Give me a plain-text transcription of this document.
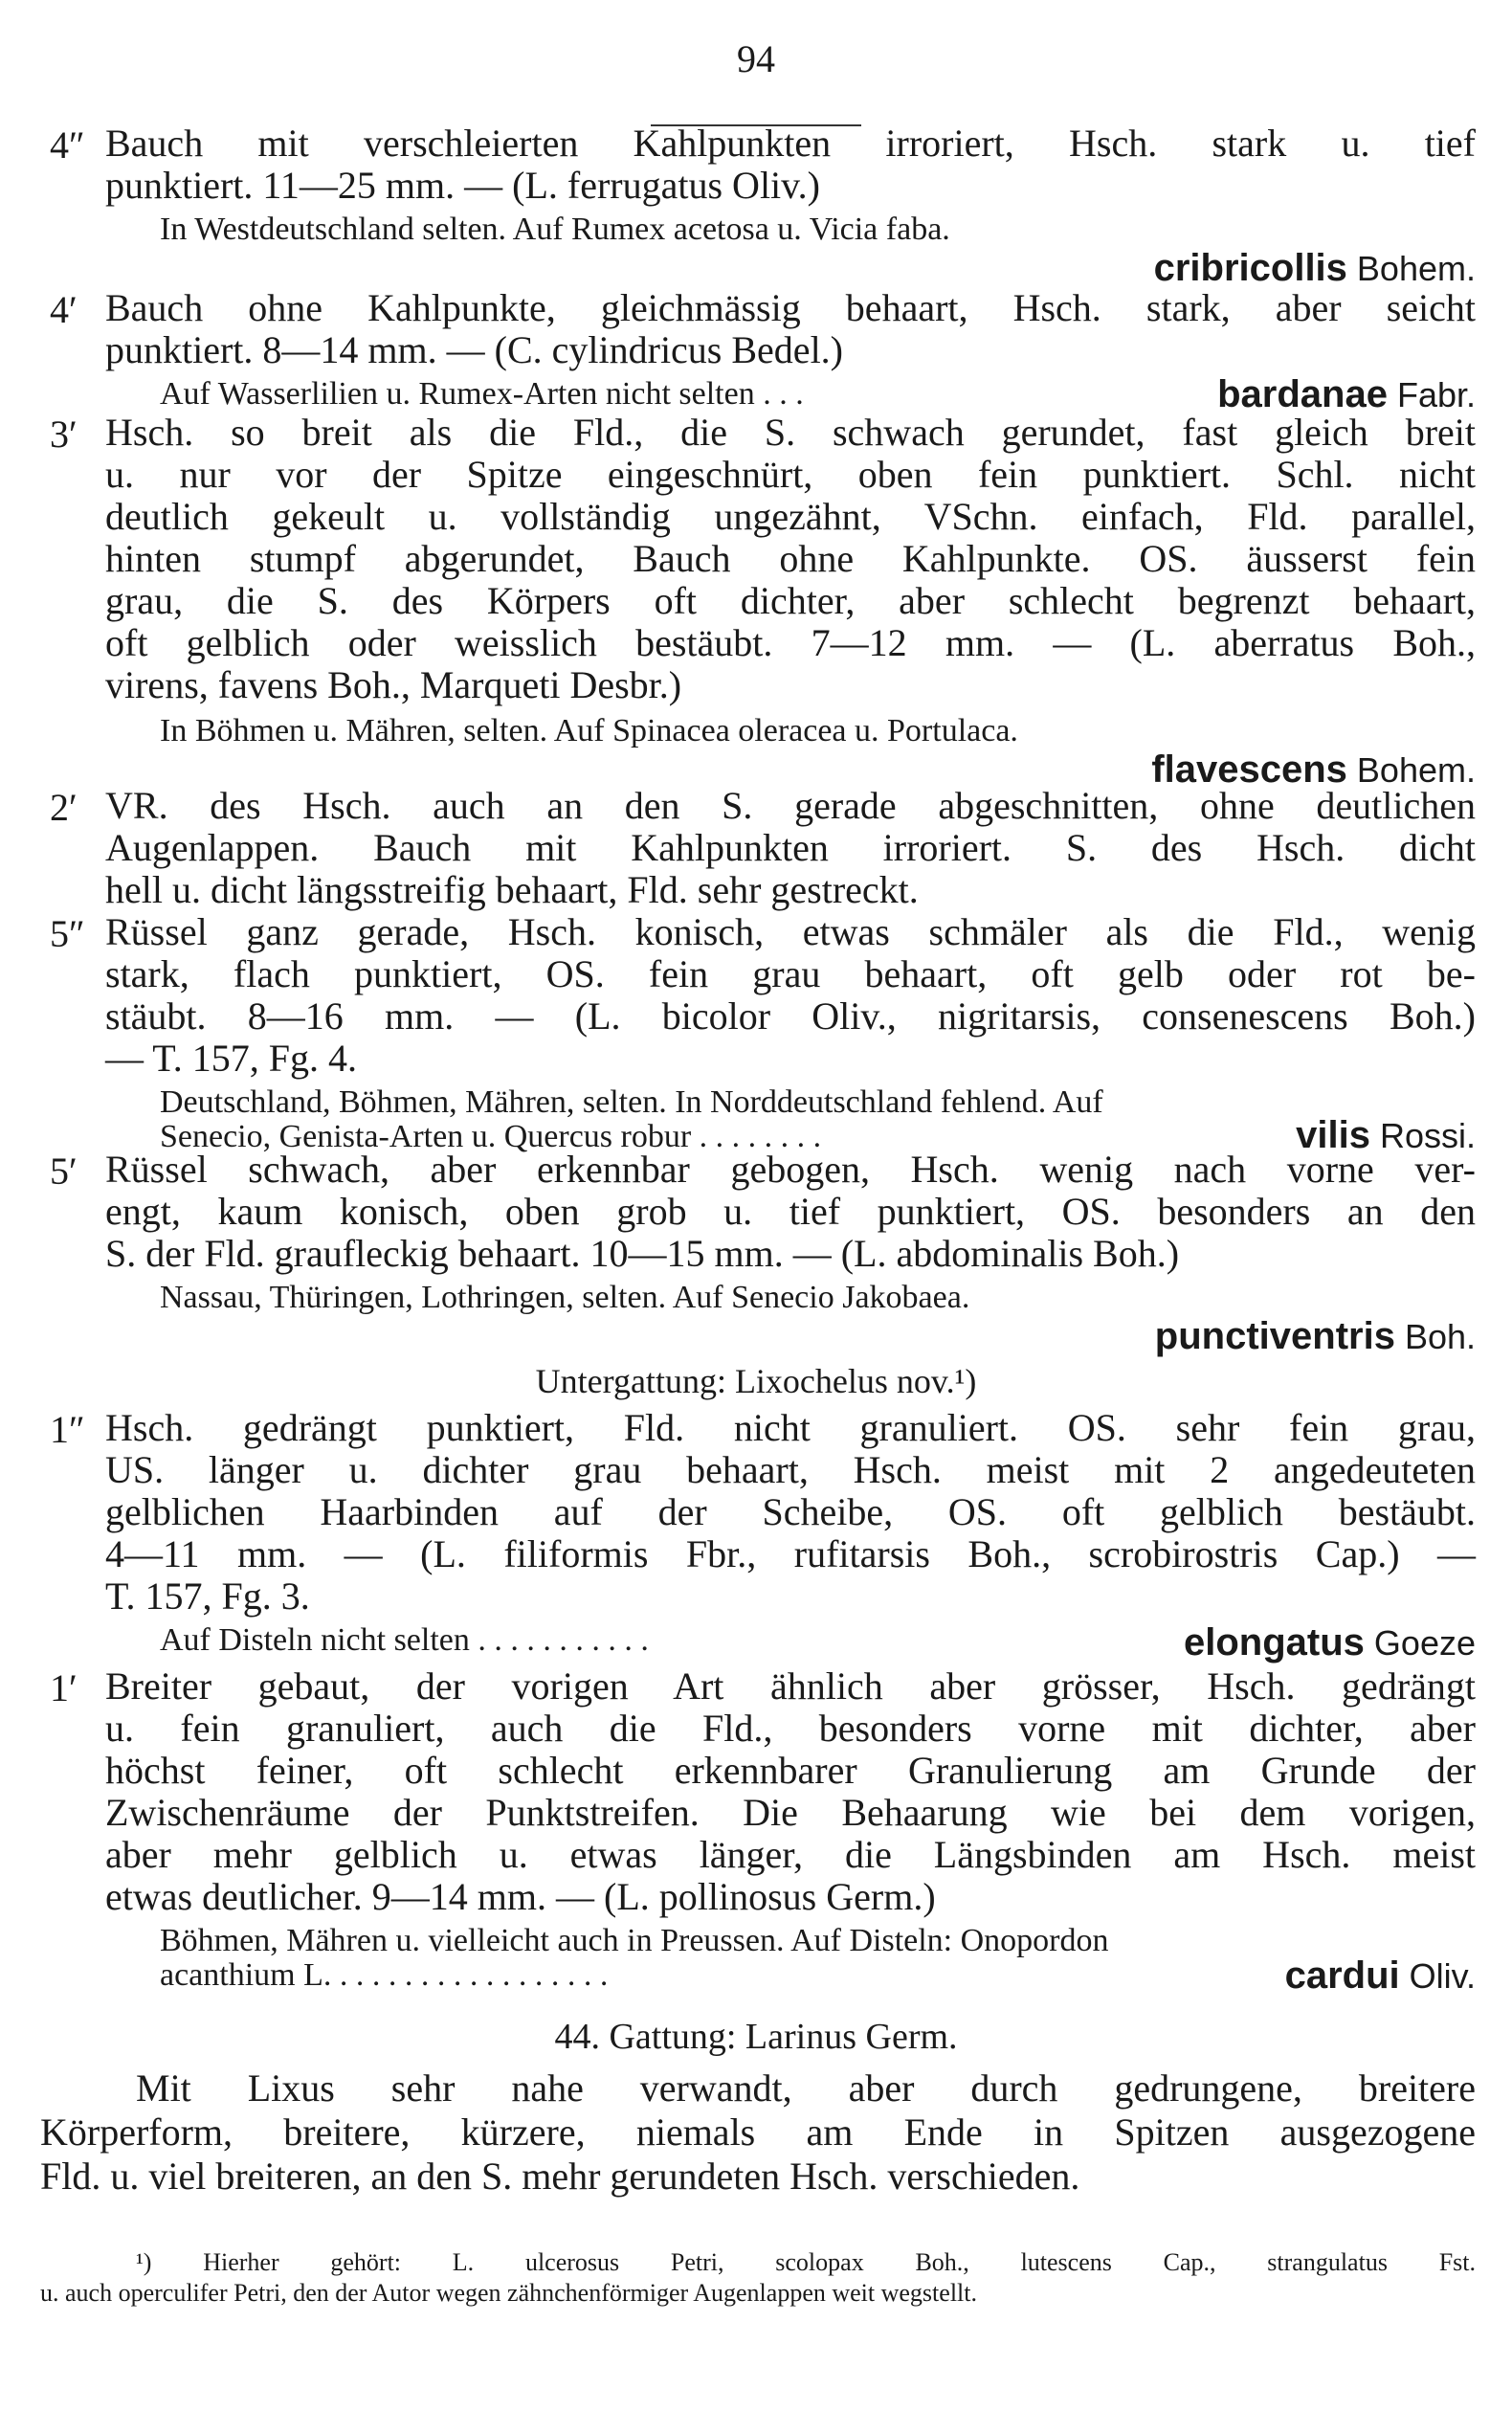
94
4″ Bauch mit verschleierten Kahlpunkten irroriert, Hsch. stark u. tief
punktiert. 11—25 mm. — (L. ferrugatus Oliv.)
In Westdeutschland selten. Auf Rumex acetosa u. Vicia faba.
cribricollis Bohem.
4′ Bauch ohne Kahlpunkte, gleichmässig behaart, Hsch. stark, aber seicht
punktiert. 8—14 mm. — (C. cylindricus Bedel.)
Auf Wasserlilien u. Rumex-Arten nicht selten . . .	bardanae Fabr.
3′ Hsch. so breit als die Fld., die S. schwach gerundet, fast gleich breit
u. nur vor der Spitze eingeschnürt, oben fein punktiert. Schl. nicht
deutlich gekeult u. vollständig ungezähnt, VSchn. einfach, Fld. parallel,
hinten stumpf abgerundet, Bauch ohne Kahlpunkte. OS. äusserst fein
grau, die S. des Körpers oft dichter, aber schlecht begrenzt behaart,
oft gelblich oder weisslich bestäubt. 7—12 mm. — (L. aberratus Boh.,
virens, favens Boh., Marqueti Desbr.)
In Böhmen u. Mähren, selten. Auf Spinacea oleracea u. Portulaca.
flavescens Bohem.
2′ VR. des Hsch. auch an den S. gerade abgeschnitten, ohne deutlichen
Augenlappen. Bauch mit Kahlpunkten irroriert. S. des Hsch. dicht
hell u. dicht längsstreifig behaart, Fld. sehr gestreckt.
5″ Rüssel ganz gerade, Hsch. konisch, etwas schmäler als die Fld., wenig
stark, flach punktiert, OS. fein grau behaart, oft gelb oder rot be-
stäubt. 8—16 mm. — (L. bicolor Oliv., nigritarsis, consenescens Boh.)
— T. 157, Fg. 4.
Deutschland, Böhmen, Mähren, selten. In Norddeutschland fehlend. Auf
Senecio, Genista-Arten u. Quercus robur . . . . . . . .	vilis Rossi.
5′ Rüssel schwach, aber erkennbar gebogen, Hsch. wenig nach vorne ver-
engt, kaum konisch, oben grob u. tief punktiert, OS. besonders an den
S. der Fld. graufleckig behaart. 10—15 mm. — (L. abdominalis Boh.)
Nassau, Thüringen, Lothringen, selten. Auf Senecio Jakobaea.
punctiventris Boh.
Untergattung: Lixochelus nov.¹)
1″ Hsch. gedrängt punktiert, Fld. nicht granuliert. OS. sehr fein grau,
US. länger u. dichter grau behaart, Hsch. meist mit 2 angedeuteten
gelblichen Haarbinden auf der Scheibe, OS. oft gelblich bestäubt.
4—11 mm. — (L. filiformis Fbr., rufitarsis Boh., scrobirostris Cap.) —
T. 157, Fg. 3.
Auf Disteln nicht selten . . . . . . . . . . .	elongatus Goeze
1′ Breiter gebaut, der vorigen Art ähnlich aber grösser, Hsch. gedrängt
u. fein granuliert, auch die Fld., besonders vorne mit dichter, aber
höchst feiner, oft schlecht erkennbarer Granulierung am Grunde der
Zwischenräume der Punktstreifen. Die Behaarung wie bei dem vorigen,
aber mehr gelblich u. etwas länger, die Längsbinden am Hsch. meist
etwas deutlicher. 9—14 mm. — (L. pollinosus Germ.)
Böhmen, Mähren u. vielleicht auch in Preussen. Auf Disteln: Onopordon
acanthium L. . . . . . . . . . . . . . . . . .	cardui Oliv.
44. Gattung: Larinus Germ.
Mit Lixus sehr nahe verwandt, aber durch gedrungene, breitere
Körperform, breitere, kürzere, niemals am Ende in Spitzen ausgezogene
Fld. u. viel breiteren, an den S. mehr gerundeten Hsch. verschieden.
¹) Hierher gehört: L. ulcerosus Petri, scolopax Boh., lutescens Cap., strangulatus Fst.
u. auch operculifer Petri, den der Autor wegen zähnchenförmiger Augenlappen weit wegstellt.
